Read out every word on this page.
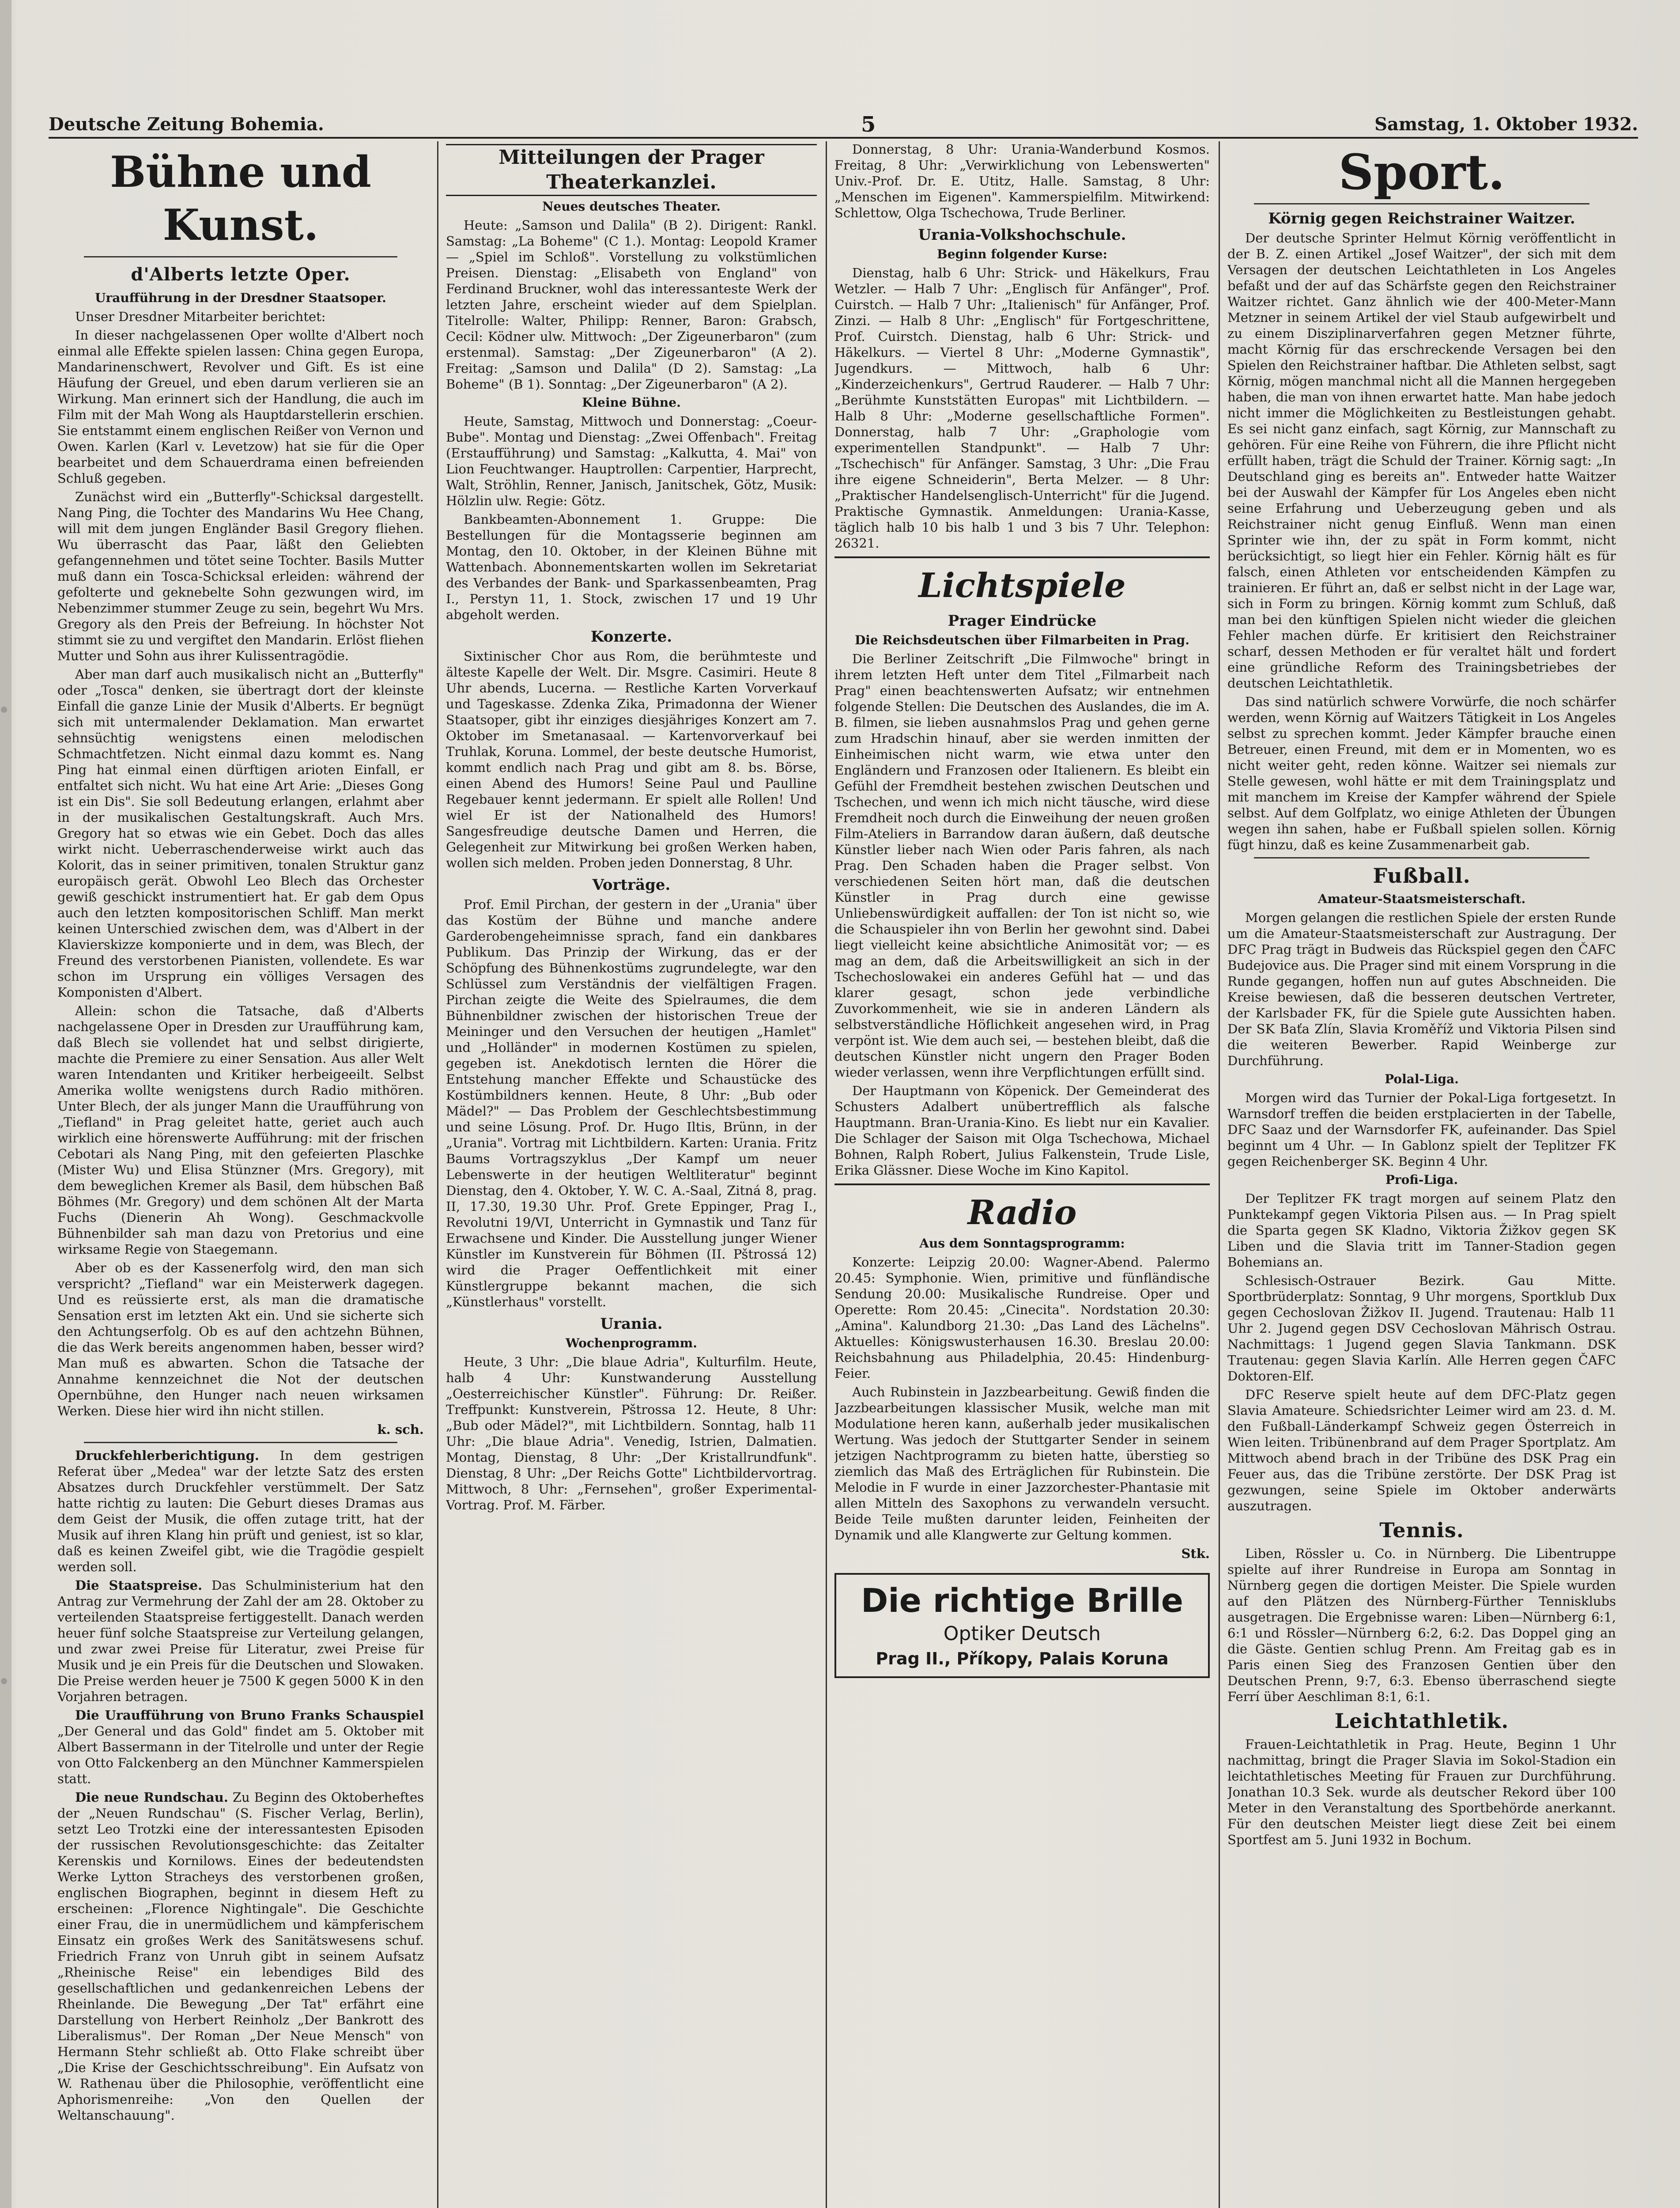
Deutsche Zeitung Bohemia.	5	Samstag, 1. Oktober 1932.
Bühne und Kunst.
d'Alberts letzte Oper.
Uraufführung in der Dresdner Staatsoper.

Unser Dresdner Mitarbeiter berichtet:

In dieser nachgelassenen Oper wollte d'Albert noch einmal alle Effekte spielen lassen: China gegen Europa, Mandarinenschwert, Revolver und Gift. Es ist eine Häufung der Greuel, und eben darum verlieren sie an Wirkung. Man erinnert sich der Handlung, die auch im Film mit der Mah Wong als Hauptdarstellerin erschien. Sie entstammt einem englischen Reißer von Vernon und Owen. Karlen (Karl v. Levetzow) hat sie für die Oper bearbeitet und dem Schauerdrama einen befreienden Schluß gegeben.

Zunächst wird ein „Butterfly"-Schicksal dargestellt. Nang Ping, die Tochter des Mandarins Wu Hee Chang, will mit dem jungen Engländer Basil Gregory fliehen. Wu überrascht das Paar, läßt den Geliebten gefangennehmen und tötet seine Tochter. Basils Mutter muß dann ein Tosca-Schicksal erleiden: während der gefolterte und geknebelte Sohn gezwungen wird, im Nebenzimmer stummer Zeuge zu sein, begehrt Wu Mrs. Gregory als den Preis der Befreiung. In höchster Not stimmt sie zu und vergiftet den Mandarin. Erlöst fliehen Mutter und Sohn aus ihrer Kulissentragödie.

Aber man darf auch musikalisch nicht an „Butterfly" oder „Tosca" denken, sie übertragt dort der kleinste Einfall die ganze Linie der Musik d'Alberts. Er begnügt sich mit untermalender Deklamation. Man erwartet sehnsüchtig wenigstens einen melodischen Schmachtfetzen. Nicht einmal dazu kommt es. Nang Ping hat einmal einen dürftigen arioten Einfall, er entfaltet sich nicht. Wu hat eine Art Arie: „Dieses Gong ist ein Dis". Sie soll Bedeutung erlangen, erlahmt aber in der musikalischen Gestaltungskraft. Auch Mrs. Gregory hat so etwas wie ein Gebet. Doch das alles wirkt nicht. Ueberraschenderweise wirkt auch das Kolorit, das in seiner primitiven, tonalen Struktur ganz europäisch gerät. Obwohl Leo Blech das Orchester gewiß geschickt instrumentiert hat. Er gab dem Opus auch den letzten kompositorischen Schliff. Man merkt keinen Unterschied zwischen dem, was d'Albert in der Klavierskizze komponierte und in dem, was Blech, der Freund des verstorbenen Pianisten, vollendete. Es war schon im Ursprung ein völliges Versagen des Komponisten d'Albert.

Allein: schon die Tatsache, daß d'Alberts nachgelassene Oper in Dresden zur Uraufführung kam, daß Blech sie vollendet hat und selbst dirigierte, machte die Premiere zu einer Sensation. Aus aller Welt waren Intendanten und Kritiker herbeigeeilt. Selbst Amerika wollte wenigstens durch Radio mithören. Unter Blech, der als junger Mann die Uraufführung von „Tiefland" in Prag geleitet hatte, geriet auch auch wirklich eine hörenswerte Aufführung: mit der frischen Cebotari als Nang Ping, mit den gefeierten Plaschke (Mister Wu) und Elisa Stünzner (Mrs. Gregory), mit dem beweglichen Kremer als Basil, dem hübschen Baß Böhmes (Mr. Gregory) und dem schönen Alt der Marta Fuchs (Dienerin Ah Wong). Geschmackvolle Bühnenbilder sah man dazu von Pretorius und eine wirksame Regie von Staegemann.

Aber ob es der Kassenerfolg wird, den man sich verspricht? „Tiefland" war ein Meisterwerk dagegen. Und es reüssierte erst, als man die dramatische Sensation erst im letzten Akt ein. Und sie sicherte sich den Achtungserfolg. Ob es auf den achtzehn Bühnen, die das Werk bereits angenommen haben, besser wird? Man muß es abwarten. Schon die Tatsache der Annahme kennzeichnet die Not der deutschen Opernbühne, den Hunger nach neuen wirksamen Werken. Diese hier wird ihn nicht stillen.

k. sch.

Druckfehlerberichtigung. In dem gestrigen Referat über „Medea" war der letzte Satz des ersten Absatzes durch Druckfehler verstümmelt. Der Satz hatte richtig zu lauten: Die Geburt dieses Dramas aus dem Geist der Musik, die offen zutage tritt, hat der Musik auf ihren Klang hin prüft und geniest, ist so klar, daß es keinen Zweifel gibt, wie die Tragödie gespielt werden soll.

Die Staatspreise. Das Schulministerium hat den Antrag zur Vermehrung der Zahl der am 28. Oktober zu verteilenden Staatspreise fertiggestellt. Danach werden heuer fünf solche Staatspreise zur Verteilung gelangen, und zwar zwei Preise für Literatur, zwei Preise für Musik und je ein Preis für die Deutschen und Slowaken. Die Preise werden heuer je 7500 K gegen 5000 K in den Vorjahren betragen.

Die Uraufführung von Bruno Franks Schauspiel „Der General und das Gold" findet am 5. Oktober mit Albert Bassermann in der Titelrolle und unter der Regie von Otto Falckenberg an den Münchner Kammerspielen statt.

Die neue Rundschau. Zu Beginn des Oktoberheftes der „Neuen Rundschau" (S. Fischer Verlag, Berlin), setzt Leo Trotzki eine der interessantesten Episoden der russischen Revolutionsgeschichte: das Zeitalter Kerenskis und Kornilows. Eines der bedeutendsten Werke Lytton Stracheys des verstorbenen großen, englischen Biographen, beginnt in diesem Heft zu erscheinen: „Florence Nightingale". Die Geschichte einer Frau, die in unermüdlichem und kämpferischem Einsatz ein großes Werk des Sanitätswesens schuf. Friedrich Franz von Unruh gibt in seinem Aufsatz „Rheinische Reise" ein lebendiges Bild des gesellschaftlichen und gedankenreichen Lebens der Rheinlande. Die Bewegung „Der Tat" erfährt eine Darstellung von Herbert Reinholz „Der Bankrott des Liberalismus". Der Roman „Der Neue Mensch" von Hermann Stehr schließt ab. Otto Flake schreibt über „Die Krise der Geschichtsschreibung". Ein Aufsatz von W. Rathenau über die Philosophie, veröffentlicht eine Aphorismenreihe: „Von den Quellen der Weltanschauung".

Mitteilungen der Prager Theaterkanzlei.
Neues deutsches Theater.

Heute: „Samson und Dalila" (B 2). Dirigent: Rankl. Samstag: „La Boheme" (C 1.). Montag: Leopold Kramer — „Spiel im Schloß". Vorstellung zu volkstümlichen Preisen. Dienstag: „Elisabeth von England" von Ferdinand Bruckner, wohl das interessanteste Werk der letzten Jahre, erscheint wieder auf dem Spielplan. Titelrolle: Walter, Philipp: Renner, Baron: Grabsch, Cecil: Ködner ulw. Mittwoch: „Der Zigeunerbaron" (zum erstenmal). Samstag: „Der Zigeunerbaron" (A 2). Freitag: „Samson und Dalila" (D 2). Samstag: „La Boheme" (B 1). Sonntag: „Der Zigeunerbaron" (A 2).

Kleine Bühne.

Heute, Samstag, Mittwoch und Donnerstag: „Coeur-Bube". Montag und Dienstag: „Zwei Offenbach". Freitag (Erstaufführung) und Samstag: „Kalkutta, 4. Mai" von Lion Feuchtwanger. Hauptrollen: Carpentier, Harprecht, Walt, Ströhlin, Renner, Janisch, Janitschek, Götz, Musik: Hölzlin ulw. Regie: Götz.

Bankbeamten-Abonnement 1. Gruppe: Die Bestellungen für die Montagsserie beginnen am Montag, den 10. Oktober, in der Kleinen Bühne mit Wattenbach. Abonnementskarten wollen im Sekretariat des Verbandes der Bank- und Sparkassenbeamten, Prag I., Perstyn 11, 1. Stock, zwischen 17 und 19 Uhr abgeholt werden.

Konzerte.

Sixtinischer Chor aus Rom, die berühmteste und älteste Kapelle der Welt. Dir. Msgre. Casimiri. Heute 8 Uhr abends, Lucerna. — Restliche Karten Vorverkauf und Tageskasse. Zdenka Zika, Primadonna der Wiener Staatsoper, gibt ihr einziges diesjähriges Konzert am 7. Oktober im Smetanasaal. — Kartenvorverkauf bei Truhlak, Koruna. Lommel, der beste deutsche Humorist, kommt endlich nach Prag und gibt am 8. bs. Börse, einen Abend des Humors! Seine Paul und Paulline Regebauer kennt jedermann. Er spielt alle Rollen! Und wiel Er ist der Nationalheld des Humors! Sangesfreudige deutsche Damen und Herren, die Gelegenheit zur Mitwirkung bei großen Werken haben, wollen sich melden. Proben jeden Donnerstag, 8 Uhr.

Vorträge.

Prof. Emil Pirchan, der gestern in der „Urania" über das Kostüm der Bühne und manche andere Garderobengeheimnisse sprach, fand ein dankbares Publikum. Das Prinzip der Wirkung, das er der Schöpfung des Bühnenkostüms zugrundelegte, war den Schlüssel zum Verständnis der vielfältigen Fragen. Pirchan zeigte die Weite des Spielraumes, die dem Bühnenbildner zwischen der historischen Treue der Meininger und den Versuchen der heutigen „Hamlet" und „Holländer" in modernen Kostümen zu spielen, gegeben ist. Anekdotisch lernten die Hörer die Entstehung mancher Effekte und Schaustücke des Kostümbildners kennen. Heute, 8 Uhr: „Bub oder Mädel?" — Das Problem der Geschlechtsbestimmung und seine Lösung. Prof. Dr. Hugo Iltis, Brünn, in der „Urania". Vortrag mit Lichtbildern. Karten: Urania. Fritz Baums Vortragszyklus „Der Kampf um neuer Lebenswerte in der heutigen Weltliteratur" beginnt Dienstag, den 4. Oktober, Y. W. C. A.-Saal, Zitná 8, prag. II, 17.30, 19.30 Uhr. Prof. Grete Eppinger, Prag I., Revolutni 19/VI, Unterricht in Gymnastik und Tanz für Erwachsene und Kinder. Die Ausstellung junger Wiener Künstler im Kunstverein für Böhmen (II. Pštrossá 12) wird die Prager Oeffentlichkeit mit einer Künstlergruppe bekannt machen, die sich „Künstlerhaus" vorstellt.

Urania.
Wochenprogramm.

Heute, 3 Uhr: „Die blaue Adria", Kulturfilm. Heute, halb 4 Uhr: Kunstwanderung Ausstellung „Oesterreichischer Künstler". Führung: Dr. Reißer. Treffpunkt: Kunstverein, Pštrossa 12. Heute, 8 Uhr: „Bub oder Mädel?", mit Lichtbildern. Sonntag, halb 11 Uhr: „Die blaue Adria". Venedig, Istrien, Dalmatien. Montag, Dienstag, 8 Uhr: „Der Kristallrundfunk". Dienstag, 8 Uhr: „Der Reichs Gotte" Lichtbildervortrag. Mittwoch, 8 Uhr: „Fernsehen", großer Experimental-Vortrag. Prof. M. Färber.

Donnerstag, 8 Uhr: Urania-Wanderbund Kosmos. Freitag, 8 Uhr: „Verwirklichung von Lebenswerten" Univ.-Prof. Dr. E. Utitz, Halle. Samstag, 8 Uhr: „Menschen im Eigenen". Kammerspielfilm. Mitwirkend: Schlettow, Olga Tschechowa, Trude Berliner.

Urania-Volkshochschule.
Beginn folgender Kurse:

Dienstag, halb 6 Uhr: Strick- und Häkelkurs, Frau Wetzler. — Halb 7 Uhr: „Englisch für Anfänger", Prof. Cuirstch. — Halb 7 Uhr: „Italienisch" für Anfänger, Prof. Zinzi. — Halb 8 Uhr: „Englisch" für Fortgeschrittene, Prof. Cuirstch. Dienstag, halb 6 Uhr: Strick- und Häkelkurs. — Viertel 8 Uhr: „Moderne Gymnastik", Jugendkurs. — Mittwoch, halb 6 Uhr: „Kinderzeichenkurs", Gertrud Rauderer. — Halb 7 Uhr: „Berühmte Kunststätten Europas" mit Lichtbildern. — Halb 8 Uhr: „Moderne gesellschaftliche Formen". Donnerstag, halb 7 Uhr: „Graphologie vom experimentellen Standpunkt". — Halb 7 Uhr: „Tschechisch" für Anfänger. Samstag, 3 Uhr: „Die Frau ihre eigene Schneiderin", Berta Melzer. — 8 Uhr: „Praktischer Handelsenglisch-Unterricht" für die Jugend. Praktische Gymnastik. Anmeldungen: Urania-Kasse, täglich halb 10 bis halb 1 und 3 bis 7 Uhr. Telephon: 26321.

Lichtspiele
Prager Eindrücke
Die Reichsdeutschen über Filmarbeiten in Prag.

Die Berliner Zeitschrift „Die Filmwoche" bringt in ihrem letzten Heft unter dem Titel „Filmarbeit nach Prag" einen beachtenswerten Aufsatz; wir entnehmen folgende Stellen: Die Deutschen des Auslandes, die im A. B. filmen, sie lieben ausnahmslos Prag und gehen gerne zum Hradschin hinauf, aber sie werden inmitten der Einheimischen nicht warm, wie etwa unter den Engländern und Franzosen oder Italienern. Es bleibt ein Gefühl der Fremdheit bestehen zwischen Deutschen und Tschechen, und wenn ich mich nicht täusche, wird diese Fremdheit noch durch die Einweihung der neuen großen Film-Ateliers in Barrandow daran äußern, daß deutsche Künstler lieber nach Wien oder Paris fahren, als nach Prag. Den Schaden haben die Prager selbst. Von verschiedenen Seiten hört man, daß die deutschen Künstler in Prag durch eine gewisse Unliebenswürdigkeit auffallen: der Ton ist nicht so, wie die Schauspieler ihn von Berlin her gewohnt sind. Dabei liegt vielleicht keine absichtliche Animosität vor; — es mag an dem, daß die Arbeitswilligkeit an sich in der Tschechoslowakei ein anderes Gefühl hat — und das klarer gesagt, schon jede verbindliche Zuvorkommenheit, wie sie in anderen Ländern als selbstverständliche Höflichkeit angesehen wird, in Prag verpönt ist. Wie dem auch sei, — bestehen bleibt, daß die deutschen Künstler nicht ungern den Prager Boden wieder verlassen, wenn ihre Verpflichtungen erfüllt sind.

Der Hauptmann von Köpenick. Der Gemeinderat des Schusters Adalbert unübertrefflich als falsche Hauptmann. Bran-Urania-Kino. Es liebt nur ein Kavalier. Die Schlager der Saison mit Olga Tschechowa, Michael Bohnen, Ralph Robert, Julius Falkenstein, Trude Lisle, Erika Glässner. Diese Woche im Kino Kapitol.

Radio
Aus dem Sonntagsprogramm:

Konzerte: Leipzig 20.00: Wagner-Abend. Palermo 20.45: Symphonie. Wien, primitive und fünfländische Sendung 20.00: Musikalische Rundreise. Oper und Operette: Rom 20.45: „Cinecita". Nordstation 20.30: „Amina". Kalundborg 21.30: „Das Land des Lächelns". Aktuelles: Königswusterhausen 16.30. Breslau 20.00: Reichsbahnung aus Philadelphia, 20.45: Hindenburg-Feier.

Auch Rubinstein in Jazzbearbeitung. Gewiß finden die Jazzbearbeitungen klassischer Musik, welche man mit Modulatione heren kann, außerhalb jeder musikalischen Wertung. Was jedoch der Stuttgarter Sender in seinem jetzigen Nachtprogramm zu bieten hatte, überstieg so ziemlich das Maß des Erträglichen für Rubinstein. Die Melodie in F wurde in einer Jazzorchester-Phantasie mit allen Mitteln des Saxophons zu verwandeln versucht. Beide Teile mußten darunter leiden, Feinheiten der Dynamik und alle Klangwerte zur Geltung kommen.

Stk.
Die richtige Brille
Optiker Deutsch
Prag II., Příkopy, Palais Koruna
Sport.
Körnig gegen Reichstrainer Waitzer.

Der deutsche Sprinter Helmut Körnig veröffentlicht in der B. Z. einen Artikel „Josef Waitzer", der sich mit dem Versagen der deutschen Leichtathleten in Los Angeles befaßt und der auf das Schärfste gegen den Reichstrainer Waitzer richtet. Ganz ähnlich wie der 400-Meter-Mann Metzner in seinem Artikel der viel Staub aufgewirbelt und zu einem Disziplinarverfahren gegen Metzner führte, macht Körnig für das erschreckende Versagen bei den Spielen den Reichstrainer haftbar. Die Athleten selbst, sagt Körnig, mögen manchmal nicht all die Mannen hergegeben haben, die man von ihnen erwartet hatte. Man habe jedoch nicht immer die Möglichkeiten zu Bestleistungen gehabt. Es sei nicht ganz einfach, sagt Körnig, zur Mannschaft zu gehören. Für eine Reihe von Führern, die ihre Pflicht nicht erfüllt haben, trägt die Schuld der Trainer. Körnig sagt: „In Deutschland ging es bereits an". Entweder hatte Waitzer bei der Auswahl der Kämpfer für Los Angeles eben nicht seine Erfahrung und Ueberzeugung geben und als Reichstrainer nicht genug Einfluß. Wenn man einen Sprinter wie ihn, der zu spät in Form kommt, nicht berücksichtigt, so liegt hier ein Fehler. Körnig hält es für falsch, einen Athleten vor entscheidenden Kämpfen zu trainieren. Er führt an, daß er selbst nicht in der Lage war, sich in Form zu bringen. Körnig kommt zum Schluß, daß man bei den künftigen Spielen nicht wieder die gleichen Fehler machen dürfe. Er kritisiert den Reichstrainer scharf, dessen Methoden er für veraltet hält und fordert eine gründliche Reform des Trainingsbetriebes der deutschen Leichtathletik.

Das sind natürlich schwere Vorwürfe, die noch schärfer werden, wenn Körnig auf Waitzers Tätigkeit in Los Angeles selbst zu sprechen kommt. Jeder Kämpfer brauche einen Betreuer, einen Freund, mit dem er in Momenten, wo es nicht weiter geht, reden könne. Waitzer sei niemals zur Stelle gewesen, wohl hätte er mit dem Trainingsplatz und mit manchem im Kreise der Kampfer während der Spiele selbst. Auf dem Golfplatz, wo einige Athleten der Übungen wegen ihn sahen, habe er Fußball spielen sollen. Körnig fügt hinzu, daß es keine Zusammenarbeit gab.

Fußball.
Amateur-Staatsmeisterschaft.

Morgen gelangen die restlichen Spiele der ersten Runde um die Amateur-Staatsmeisterschaft zur Austragung. Der DFC Prag trägt in Budweis das Rückspiel gegen den ČAFC Budejovice aus. Die Prager sind mit einem Vorsprung in die Runde gegangen, hoffen nun auf gutes Abschneiden. Die Kreise bewiesen, daß die besseren deutschen Vertreter, der Karlsbader FK, für die Spiele gute Aussichten haben. Der SK Baťa Zlín, Slavia Kroměříž und Viktoria Pilsen sind die weiteren Bewerber. Rapid Weinberge zur Durchführung.

Polal-Liga.

Morgen wird das Turnier der Pokal-Liga fortgesetzt. In Warnsdorf treffen die beiden erstplacierten in der Tabelle, DFC Saaz und der Warnsdorfer FK, aufeinander. Das Spiel beginnt um 4 Uhr. — In Gablonz spielt der Teplitzer FK gegen Reichenberger SK. Beginn 4 Uhr.

Profi-Liga.

Der Teplitzer FK tragt morgen auf seinem Platz den Punktekampf gegen Viktoria Pilsen aus. — In Prag spielt die Sparta gegen SK Kladno, Viktoria Žižkov gegen SK Liben und die Slavia tritt im Tanner-Stadion gegen Bohemians an.

Schlesisch-Ostrauer Bezirk. Gau Mitte. Sportbrüderplatz: Sonntag, 9 Uhr morgens, Sportklub Dux gegen Cechoslovan Žižkov II. Jugend. Trautenau: Halb 11 Uhr 2. Jugend gegen DSV Cechoslovan Mährisch Ostrau. Nachmittags: 1 Jugend gegen Slavia Tankmann. DSK Trautenau: gegen Slavia Karlín. Alle Herren gegen ČAFC Doktoren-Elf.

DFC Reserve spielt heute auf dem DFC-Platz gegen Slavia Amateure. Schiedsrichter Leimer wird am 23. d. M. den Fußball-Länderkampf Schweiz gegen Österreich in Wien leiten. Tribünenbrand auf dem Prager Sportplatz. Am Mittwoch abend brach in der Tribüne des DSK Prag ein Feuer aus, das die Tribüne zerstörte. Der DSK Prag ist gezwungen, seine Spiele im Oktober anderwärts auszutragen.

Tennis.

Liben, Rössler u. Co. in Nürnberg. Die Libentruppe spielte auf ihrer Rundreise in Europa am Sonntag in Nürnberg gegen die dortigen Meister. Die Spiele wurden auf den Plätzen des Nürnberg-Fürther Tennisklubs ausgetragen. Die Ergebnisse waren: Liben—Nürnberg 6:1, 6:1 und Rössler—Nürnberg 6:2, 6:2. Das Doppel ging an die Gäste. Gentien schlug Prenn. Am Freitag gab es in Paris einen Sieg des Franzosen Gentien über den Deutschen Prenn, 9:7, 6:3. Ebenso überraschend siegte Ferrí über Aeschliman 8:1, 6:1.

Leichtathletik.

Frauen-Leichtathletik in Prag. Heute, Beginn 1 Uhr nachmittag, bringt die Prager Slavia im Sokol-Stadion ein leichtathletisches Meeting für Frauen zur Durchführung. Jonathan 10.3 Sek. wurde als deutscher Rekord über 100 Meter in den Veranstaltung des Sportbehörde anerkannt. Für den deutschen Meister liegt diese Zeit bei einem Sportfest am 5. Juni 1932 in Bochum.
